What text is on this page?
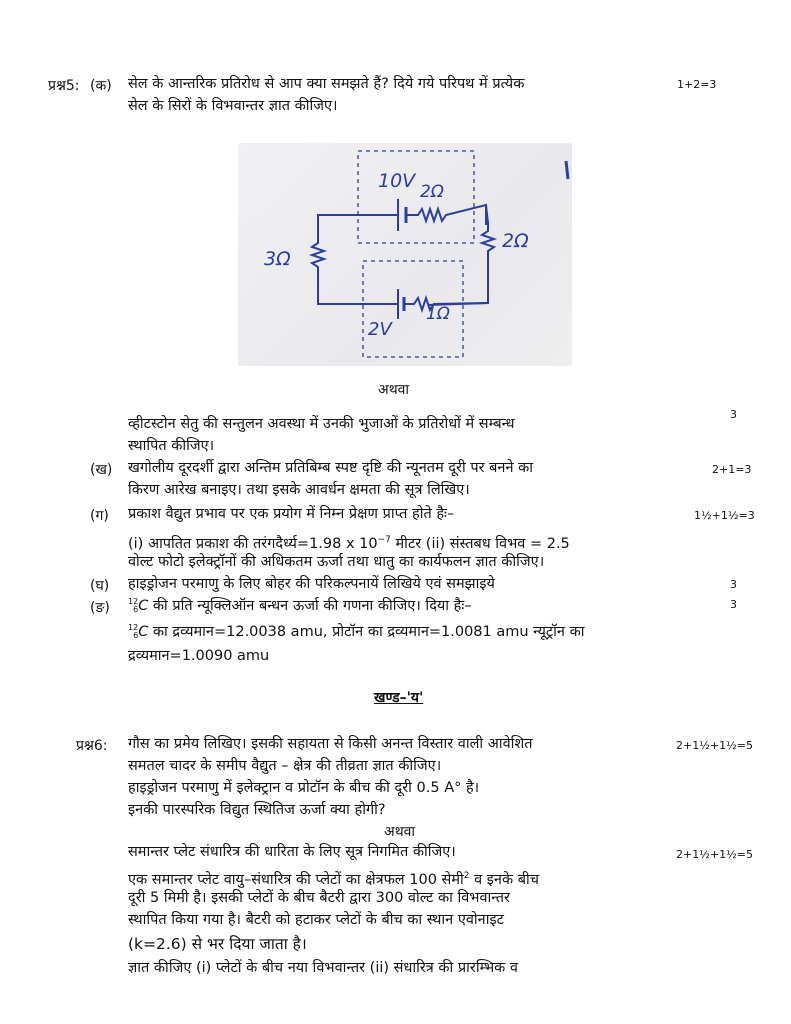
प्रश्न5: (क) सेल के आन्तरिक प्रतिरोध से आप क्या समझते हैं? दिये गये परिपथ में प्रत्येक
सेल के सिरों के विभवान्तर ज्ञात कीजिए।
1+2=3
10V 2Ω
3Ω
2Ω
2V
1Ω
अथवा
व्हीटस्टोन सेतु की सन्तुलन अवस्था में उनकी भुजाओं के प्रतिरोधों में सम्बन्ध
स्थापित कीजिए।
3
(ख) खगोलीय दूरदर्शी द्वारा अन्तिम प्रतिबिम्ब स्पष्ट दृष्टि की न्यूनतम दूरी पर बनने का
किरण आरेख बनाइए। तथा इसके आवर्धन क्षमता की सूत्र लिखिए।
2+1=3
(ग) प्रकाश वैद्युत प्रभाव पर एक प्रयोग में निम्न प्रेक्षण प्राप्त होते हैः–
(i) आपतित प्रकाश की तरंगदैर्ध्य=1.98 x $10^{-7}$ मीटर (ii) संस्तबध विभव = 2.5
वोल्ट फोटो इलेक्ट्रॉनों की अधिकतम ऊर्जा तथा धातु का कार्यफलन ज्ञात कीजिए।
1½+1½=3
(घ) हाइड्रोजन परमाणु के लिए बोहर की परिकल्पनायें लिखिये एवं समझाइये	3
(ङ) 12
6C की प्रति न्यूक्लिऑन बन्धन ऊर्जा की गणना कीजिए। दिया हैः–
12
6C का द्रव्यमान=12.0038 amu, प्रोटॉन का द्रव्यमान=1.0081 amu न्यूट्रॉन का
द्रव्यमान=1.0090 amu
3
खण्ड–'य'
प्रश्न6: गौस का प्रमेय लिखिए। इसकी सहायता से किसी अनन्त विस्तार वाली आवेशित
समतल चादर के समीप वैद्युत – क्षेत्र की तीव्रता ज्ञात कीजिए।
हाइड्रोजन परमाणु में इलेक्ट्रान व प्रोटॉन के बीच की दूरी 0.5 A° है।
इनकी पारस्परिक विद्युत स्थितिज ऊर्जा क्या होगी?
2+1½+1½=5
अथवा
समान्तर प्लेट संधारित्र की धारिता के लिए सूत्र निगमित कीजिए।
एक समान्तर प्लेट वायु–संधारित्र की प्लेटों का क्षेत्रफल 100 सेमी$^2$ व इनके बीच
दूरी 5 मिमी है। इसकी प्लेटों के बीच बैटरी द्वारा 300 वोल्ट का विभवान्तर
स्थापित किया गया है। बैटरी को हटाकर प्लेटों के बीच का स्थान एवोनाइट
(k=2.6) से भर दिया जाता है।
ज्ञात कीजिए (i) प्लेटों के बीच नया विभवान्तर (ii) संधारित्र की प्रारम्भिक व
2+1½+1½=5
